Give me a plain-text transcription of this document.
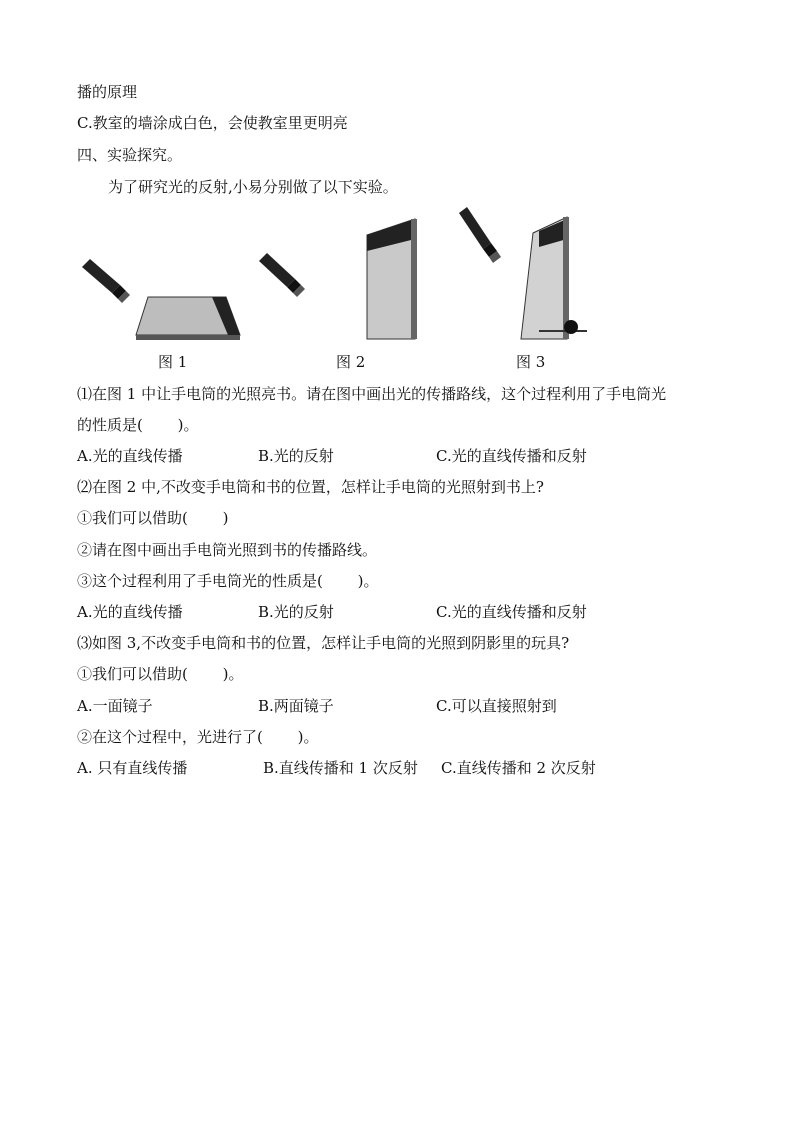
播的原理
C.教室的墙涂成白色，会使教室里更明亮
四、实验探究。
为了研究光的反射,小易分别做了以下实验。
图 1	图 2	图 3
⑴在图 1 中让手电筒的光照亮书。请在图中画出光的传播路线，这个过程利用了手电筒光
的性质是(　　 )。
A.光的直线传播	B.光的反射	C.光的直线传播和反射
⑵在图 2 中,不改变手电筒和书的位置，怎样让手电筒的光照射到书上?
①我们可以借助(　　 )
②请在图中画出手电筒光照到书的传播路线。
③这个过程利用了手电筒光的性质是(　　 )。
A.光的直线传播	B.光的反射	C.光的直线传播和反射
⑶如图 3,不改变手电筒和书的位置，怎样让手电筒的光照到阴影里的玩具?
①我们可以借助(　　 )。
A.一面镜子	B.两面镜子	C.可以直接照射到
②在这个过程中，光进行了(　　 )。
A. 只有直线传播	B.直线传播和 1 次反射 C.直线传播和 2 次反射
